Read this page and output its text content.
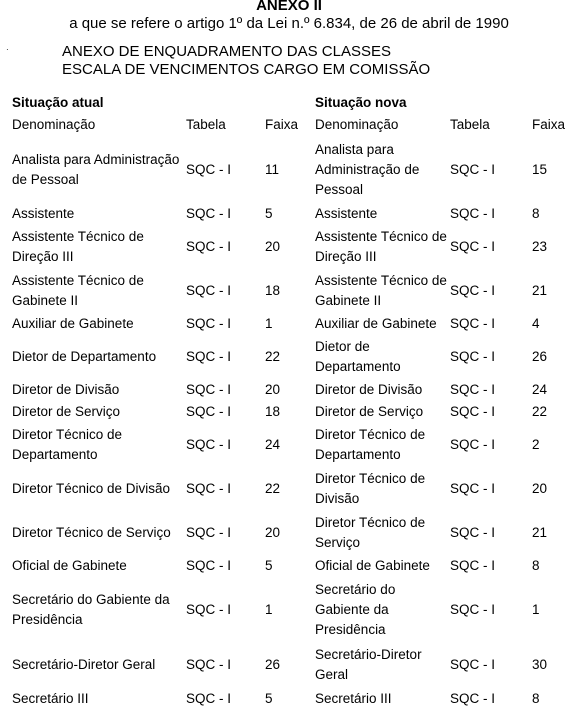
ANEXO II
a que se refere o artigo 1º da Lei n.º 6.834, de 26 de abril de 1990
·	ANEXO DE ENQUADRAMENTO DAS CLASSES
ESCALA DE VENCIMENTOS CARGO EM COMISSÃO
Situação atual			Situação nova		
Denominação	Tabela	Faixa	Denominação	Tabela	Faixa
Analista para Administração de Pessoal	SQC - I	11	Analista para Administração de Pessoal	SQC - I	15
Assistente	SQC - I	5	Assistente	SQC - I	8
Assistente Técnico de Direção III	SQC - I	20	Assistente Técnico de Direção III	SQC - I	23
Assistente Técnico de Gabinete II	SQC - I	18	Assistente Técnico de Gabinete II	SQC - I	21
Auxiliar de Gabinete	SQC - I	1	Auxiliar de Gabinete	SQC - I	4
Dietor de Departamento	SQC - I	22	Dietor de Departamento	SQC - I	26
Diretor de Divisão	SQC - I	20	Diretor de Divisão	SQC - I	24
Diretor de Serviço	SQC - I	18	Diretor de Serviço	SQC - I	22
Diretor Técnico de Departamento	SQC - I	24	Diretor Técnico de Departamento	SQC - I	2
Diretor Técnico de Divisão	SQC - I	22	Diretor Técnico de Divisão	SQC - I	20
Diretor Técnico de Serviço	SQC - I	20	Diretor Técnico de Serviço	SQC - I	21
Oficial de Gabinete	SQC - I	5	Oficial de Gabinete	SQC - I	8
Secretário do Gabiente da Presidência	SQC - I	1	Secretário do Gabiente da Presidência	SQC - I	1
Secretário-Diretor Geral	SQC - I	26	Secretário-Diretor Geral	SQC - I	30
Secretário III	SQC - I	5	Secretário III	SQC - I	8
